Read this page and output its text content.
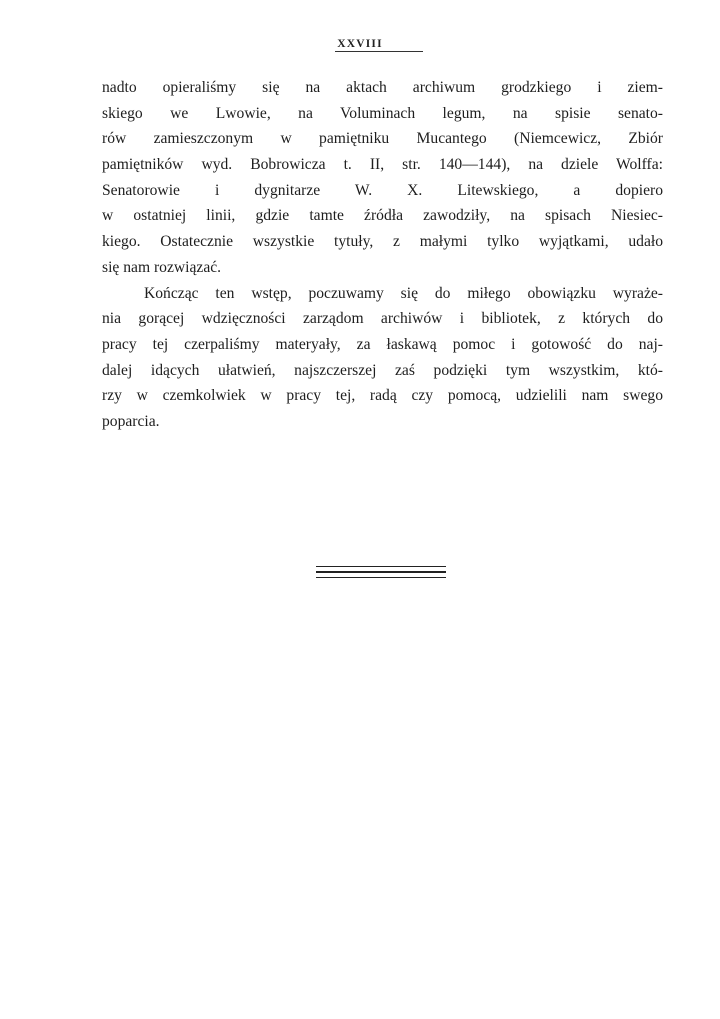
XXVIII
nadto opieraliśmy się na aktach archiwum grodzkiego i ziem-
skiego we Lwowie, na Voluminach legum, na spisie senato-
rów zamieszczonym w pamiętniku Mucantego (Niemcewicz, Zbiór
pamiętników wyd. Bobrowicza t. II, str. 140—144), na dziele Wolffa:
Senatorowie i dygnitarze W. X. Litewskiego, a dopiero
w ostatniej linii, gdzie tamte źródła zawodziły, na spisach Niesiec-
kiego. Ostatecznie wszystkie tytuły, z małymi tylko wyjątkami, udało
się nam rozwiązać.
Kończąc ten wstęp, poczuwamy się do miłego obowiązku wyraże-
nia gorącej wdzięczności zarządom archiwów i bibliotek, z których do
pracy tej czerpaliśmy materyały, za łaskawą pomoc i gotowość do naj-
dalej idących ułatwień, najszczerszej zaś podzięki tym wszystkim, któ-
rzy w czemkolwiek w pracy tej, radą czy pomocą, udzielili nam swego
poparcia.
